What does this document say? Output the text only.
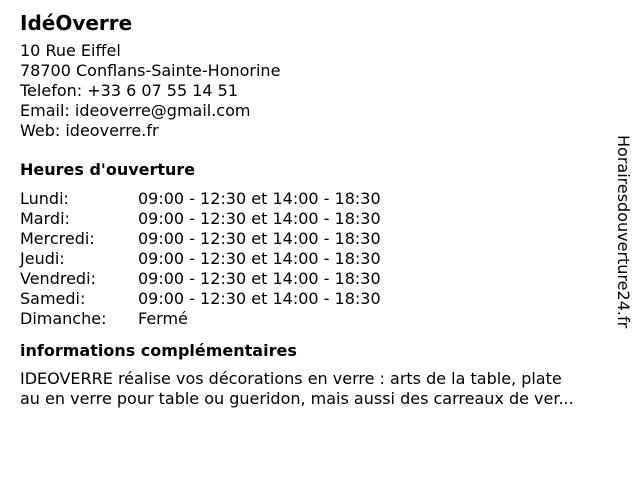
IdéOverre
10 Rue Eiffel
78700 Conflans-Sainte-Honorine
Telefon: +33 6 07 55 14 51
Email: ideoverre@gmail.com
Web: ideoverre.fr
Heures d'ouverture
Lundi:	09:00 - 12:30 et 14:00 - 18:30
Mardi:	09:00 - 12:30 et 14:00 - 18:30
Mercredi:	09:00 - 12:30 et 14:00 - 18:30
Jeudi:	09:00 - 12:30 et 14:00 - 18:30
Vendredi:	09:00 - 12:30 et 14:00 - 18:30
Samedi:	09:00 - 12:30 et 14:00 - 18:30
Dimanche:	Fermé
informations complémentaires
IDEOVERRE réalise vos décorations en verre : arts de la table, plate
au en verre pour table ou gueridon, mais aussi des carreaux de ver...
Horairesdouverture24.fr
